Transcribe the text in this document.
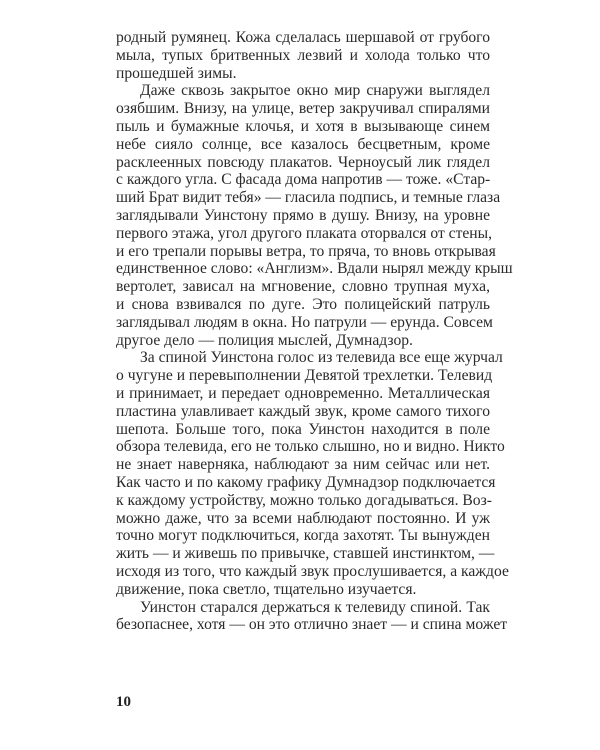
родный румянец. Кожа сделалась шершавой от грубого
мыла, тупых бритвенных лезвий и холода только что
прошедшей зимы.
Даже сквозь закрытое окно мир снаружи выглядел
озябшим. Внизу, на улице, ветер закручивал спиралями
пыль и бумажные клочья, и хотя в вызывающе синем
небе сияло солнце, все казалось бесцветным, кроме
расклеенных повсюду плакатов. Черноусый лик глядел
с каждого угла. С фасада дома напротив — тоже. «Стар-
ший Брат видит тебя» — гласила подпись, и темные глаза
заглядывали Уинстону прямо в душу. Внизу, на уровне
первого этажа, угол другого плаката оторвался от стены,
и его трепали порывы ветра, то пряча, то вновь открывая
единственное слово: «Англизм». Вдали нырял между крыш
вертолет, зависал на мгновение, словно трупная муха,
и снова взвивался по дуге. Это полицейский патруль
заглядывал людям в окна. Но патрули — ерунда. Совсем
другое дело — полиция мыслей, Думнадзор.
За спиной Уинстона голос из телевида все еще журчал
о чугуне и перевыполнении Девятой трехлетки. Телевид
и принимает, и передает одновременно. Металлическая
пластина улавливает каждый звук, кроме самого тихого
шепота. Больше того, пока Уинстон находится в поле
обзора телевида, его не только слышно, но и видно. Никто
не знает наверняка, наблюдают за ним сейчас или нет.
Как часто и по какому графику Думнадзор подключается
к каждому устройству, можно только догадываться. Воз-
можно даже, что за всеми наблюдают постоянно. И уж
точно могут подключиться, когда захотят. Ты вынужден
жить — и живешь по привычке, ставшей инстинктом, —
исходя из того, что каждый звук прослушивается, а каждое
движение, пока светло, тщательно изучается.
Уинстон старался держаться к телевиду спиной. Так
безопаснее, хотя — он это отлично знает — и спина может
10
